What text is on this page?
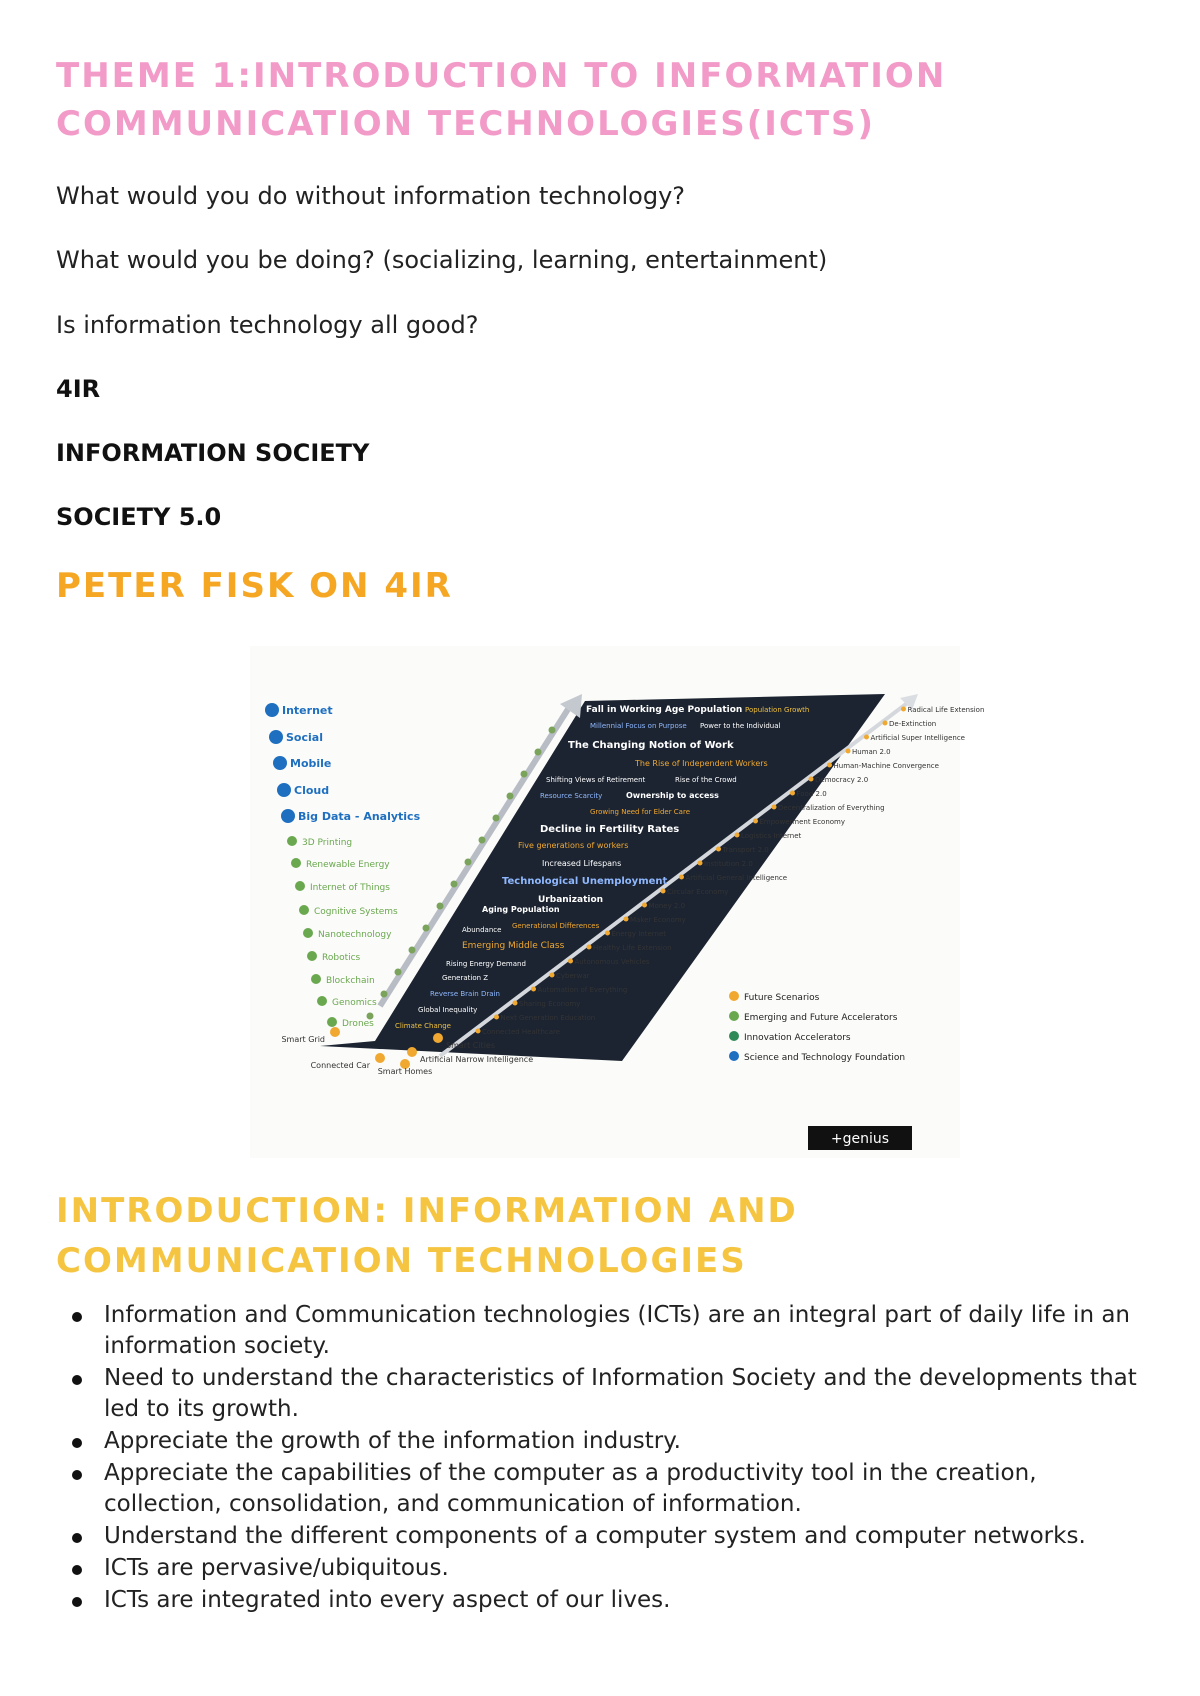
THEME 1:INTRODUCTION TO INFORMATION COMMUNICATION TECHNOLOGIES(ICTS)

What would you do without information technology?

What would you be doing? (socializing, learning, entertainment)

Is information technology all good?

4IR

INFORMATION SOCIETY

SOCIETY 5.0

PETER FISK ON 4IR
Internet
Social
Mobile
Cloud
Big Data - Analytics
3D Printing
Renewable Energy
Internet of Things
Cognitive Systems
Nanotechnology
Robotics
Blockchain
Genomics
Drones
Smart Grid
Connected Car
Smart Homes
Smart Cities
Artificial Narrow Intelligence
Connected Healthcare
Next Generation Education
Sharing Economy
Automation of Everything
Cyberwar
Autonomous Vehicles
Healthy Life Extension
Energy Internet
Maker Economy
Money 2.0
Circular Economy
Artificial General Intelligence
Institution 2.0
Transport 2.0
Logistics Internet
Empowerment Economy
Decentralization of Everything
Food 2.0
Democracy 2.0
Human-Machine Convergence
Human 2.0
Artificial Super Intelligence
De-Extinction
Radical Life Extension
Fall in Working Age Population Population Growth
Millennial Focus on Purpose Power to the Individual
The Changing Notion of Work
The Rise of Independent Workers
Shifting Views of Retirement	Rise of the Crowd
Resource Scarcity	Ownership to access
Growing Need for Elder Care
Decline in Fertility Rates
Five generations of workers
Increased Lifespans
Technological Unemployment
Urbanization
Aging Population
Abundance Generational Differences
Emerging Middle Class
Rising Energy Demand
Generation Z
Reverse Brain Drain
Global Inequality
Climate Change
Future Scenarios
Emerging and Future Accelerators
Innovation Accelerators
Science and Technology Foundation
+genius
INTRODUCTION: INFORMATION AND COMMUNICATION TECHNOLOGIES
Information and Communication technologies (ICTs) are an integral part of daily life in an information society.
Need to understand the characteristics of Information Society and the developments that led to its growth.
Appreciate the growth of the information industry.
Appreciate the capabilities of the computer as a productivity tool in the creation, collection, consolidation, and communication of information.
Understand the different components of a computer system and computer networks.
ICTs are pervasive/ubiquitous.
ICTs are integrated into every aspect of our lives.
